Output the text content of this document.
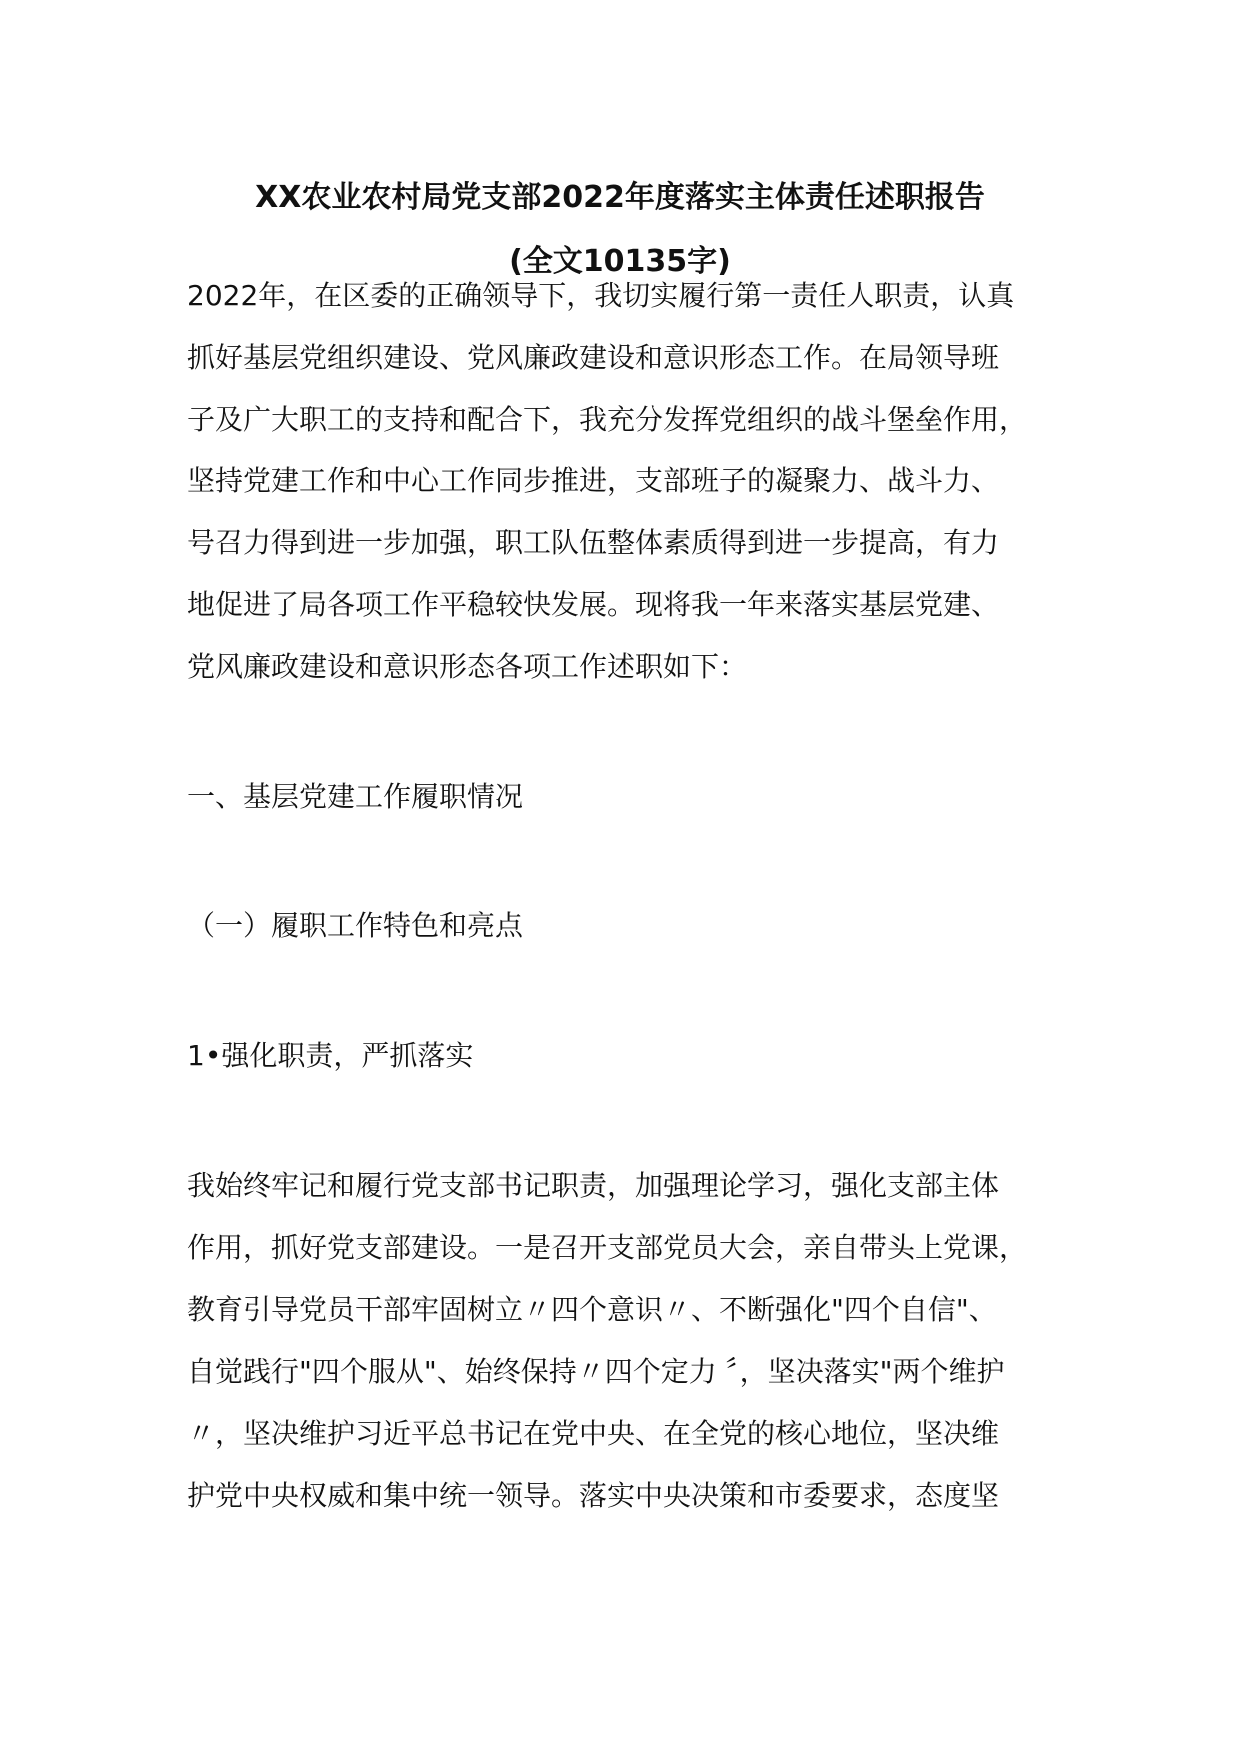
XX农业农村局党支部2022年度落实主体责任述职报告
(全文10135字)
2022年，在区委的正确领导下，我切实履行第一责任人职责，认真
抓好基层党组织建设、党风廉政建设和意识形态工作。在局领导班
子及广大职工的支持和配合下，我充分发挥党组织的战斗堡垒作用，
坚持党建工作和中心工作同步推进，支部班子的凝聚力、战斗力、
号召力得到进一步加强，职工队伍整体素质得到进一步提高，有力
地促进了局各项工作平稳较快发展。现将我一年来落实基层党建、
党风廉政建设和意识形态各项工作述职如下：
一、基层党建工作履职情况
（一）履职工作特色和亮点
1•强化职责，严抓落实
我始终牢记和履行党支部书记职责，加强理论学习，强化支部主体
作用，抓好党支部建设。一是召开支部党员大会，亲自带头上党课，
教育引导党员干部牢固树立〃四个意识〃、不断强化"四个自信"、
自觉践行"四个服从"、始终保持〃四个定力 〞，坚决落实"两个维护
〃，坚决维护习近平总书记在党中央、在全党的核心地位，坚决维
护党中央权威和集中统一领导。落实中央决策和市委要求，态度坚
